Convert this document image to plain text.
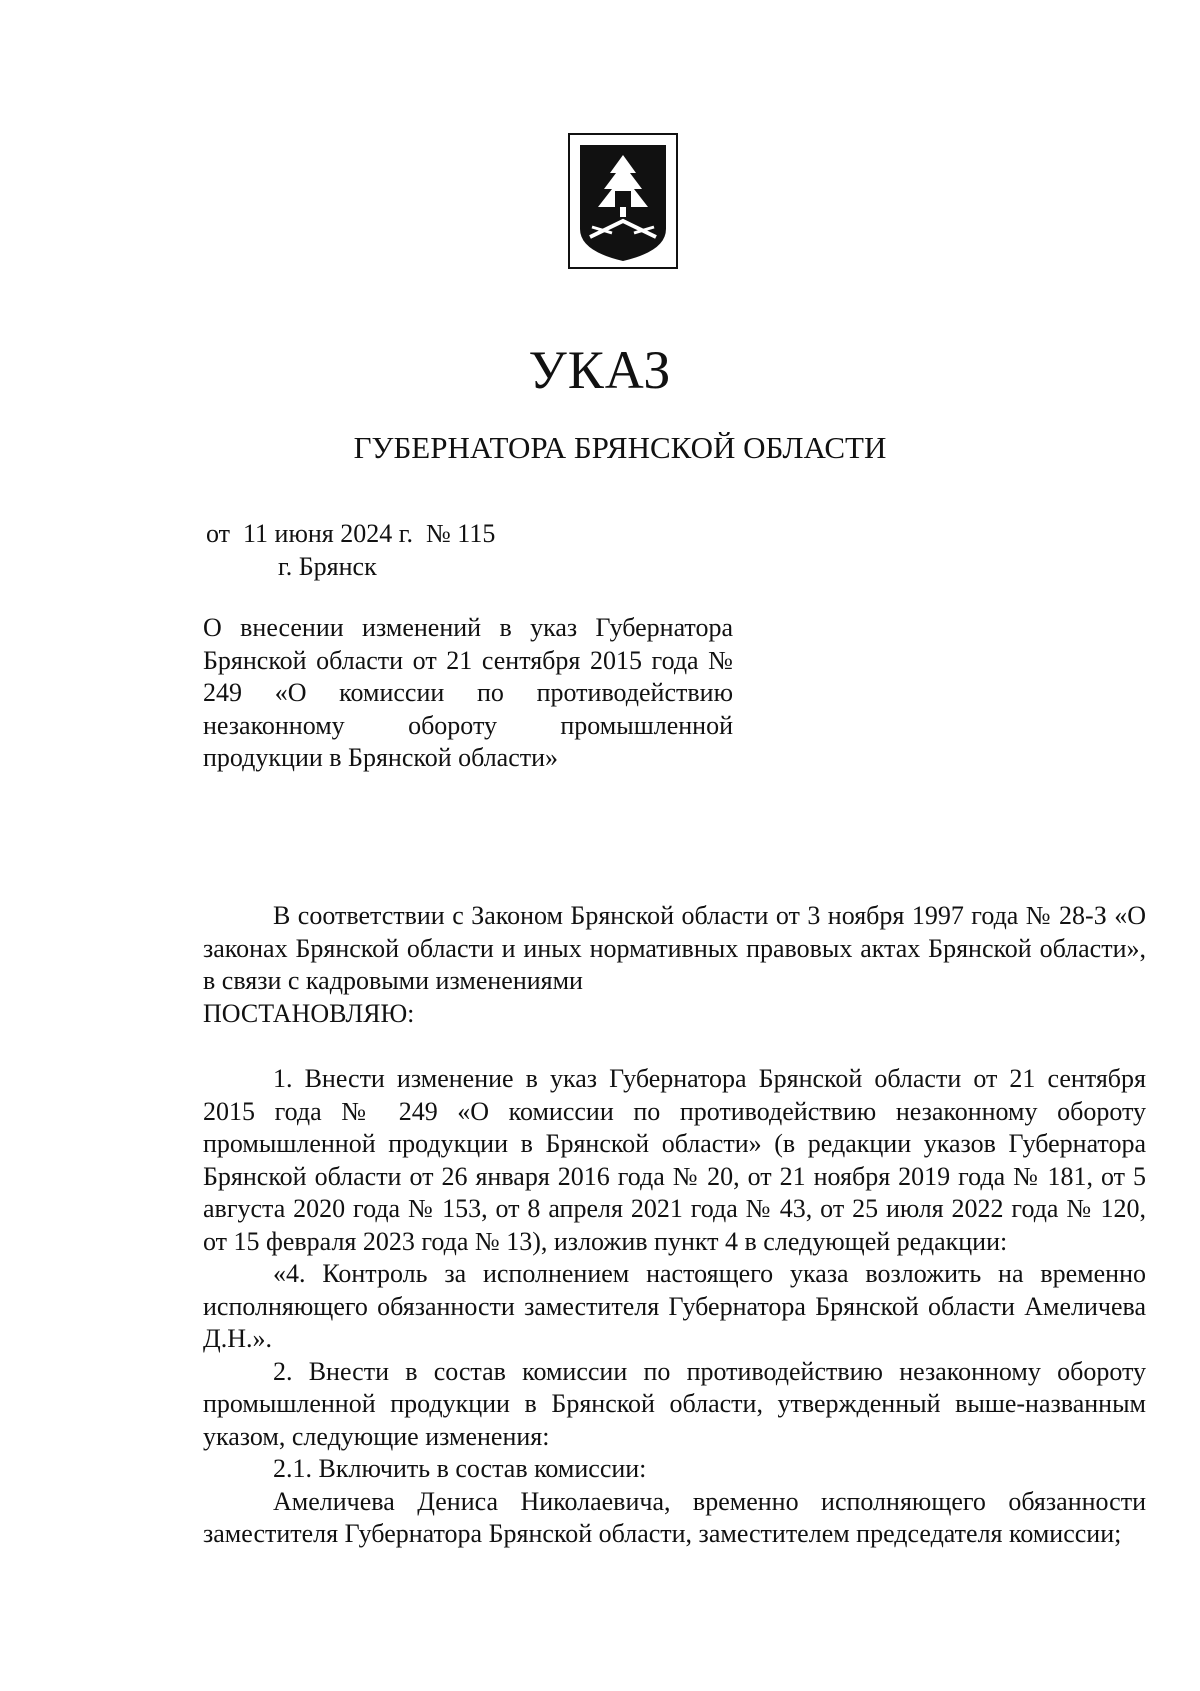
УКАЗ
ГУБЕРНАТОРА БРЯНСКОЙ ОБЛАСТИ
от  11 июня 2024 г.  № 115
г. Брянск
О внесении изменений в указ Губернатора Брянской области от 21 сентября 2015 года № 249 «О комиссии по противодействию незаконному обороту промышленной продукции в Брянской области»

В соответствии с Законом Брянской области от 3 ноября 1997 года № 28-З «О законах Брянской области и иных нормативных правовых актах Брянской области», в связи с кадровыми изменениями

ПОСТАНОВЛЯЮ:

1. Внести изменение в указ Губернатора Брянской области от 21 сентября 2015 года № 249 «О комиссии по противодействию незаконному обороту промышленной продукции в Брянской области» (в редакции указов Губернатора Брянской области от 26 января 2016 года № 20, от 21 ноября 2019 года № 181, от 5 августа 2020 года № 153, от 8 апреля 2021 года № 43, от 25 июля 2022 года № 120, от 15 февраля 2023 года № 13), изложив пункт 4 в следующей редакции:

«4. Контроль за исполнением настоящего указа возложить на временно исполняющего обязанности заместителя Губернатора Брянской области Амеличева Д.Н.».

2. Внести в состав комиссии по противодействию незаконному обороту промышленной продукции в Брянской области, утвержденный выше-названным указом, следующие изменения:

2.1. Включить в состав комиссии:

Амеличева Дениса Николаевича, временно исполняющего обязанности заместителя Губернатора Брянской области, заместителем председателя комиссии;
